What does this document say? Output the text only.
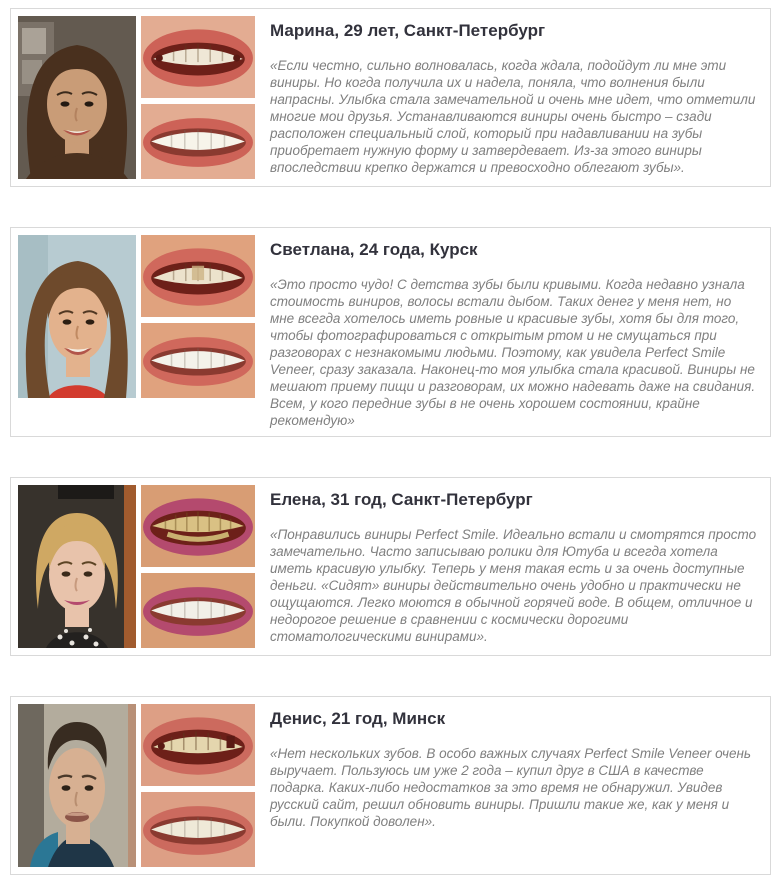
Марина, 29 лет, Санкт-Петербург

«Если честно, сильно волновалась, когда ждала, подойдут ли мне эти виниры. Но когда получила их и надела, поняла, что волнения были напрасны. Улыбка стала замечательной и очень мне идет, что отметили многие мои друзья. Устанавливаются виниры очень быстро – сзади расположен специальный слой, который при надавливании на зубы приобретает нужную форму и затвердевает. Из-за этого виниры впоследствии крепко держатся и превосходно облегают зубы».

Светлана, 24 года, Курск

«Это просто чудо! С детства зубы были кривыми. Когда недавно узнала стоимость виниров, волосы встали дыбом. Таких денег у меня нет, но мне всегда хотелось иметь ровные и красивые зубы, хотя бы для того, чтобы фотографироваться с открытым ртом и не смущаться при разговорах с незнакомыми людьми. Поэтому, как увидела Perfect Smile Veneer, сразу заказала. Наконец-то моя улыбка стала красивой. Виниры не мешают приему пищи и разговорам, их можно надевать даже на свидания. Всем, у кого передние зубы в не очень хорошем состоянии, крайне рекомендую»

Елена, 31 год, Санкт-Петербург

«Понравились виниры Perfect Smile. Идеально встали и смотрятся просто замечательно. Часто записываю ролики для Ютуба и всегда хотела иметь красивую улыбку. Теперь у меня такая есть и за очень доступные деньги. «Сидят» виниры действительно очень удобно и практически не ощущаются. Легко моются в обычной горячей воде. В общем, отличное и недорогое решение в сравнении с космически дорогими стоматологическими винирами».

Денис, 21 год, Минск

«Нет нескольких зубов. В особо важных случаях Perfect Smile Veneer очень выручает. Пользуюсь им уже 2 года – купил друг в США в качестве подарка. Каких-либо недостатков за это время не обнаружил. Увидев русский сайт, решил обновить виниры. Пришли такие же, как у меня и были. Покупкой доволен».
